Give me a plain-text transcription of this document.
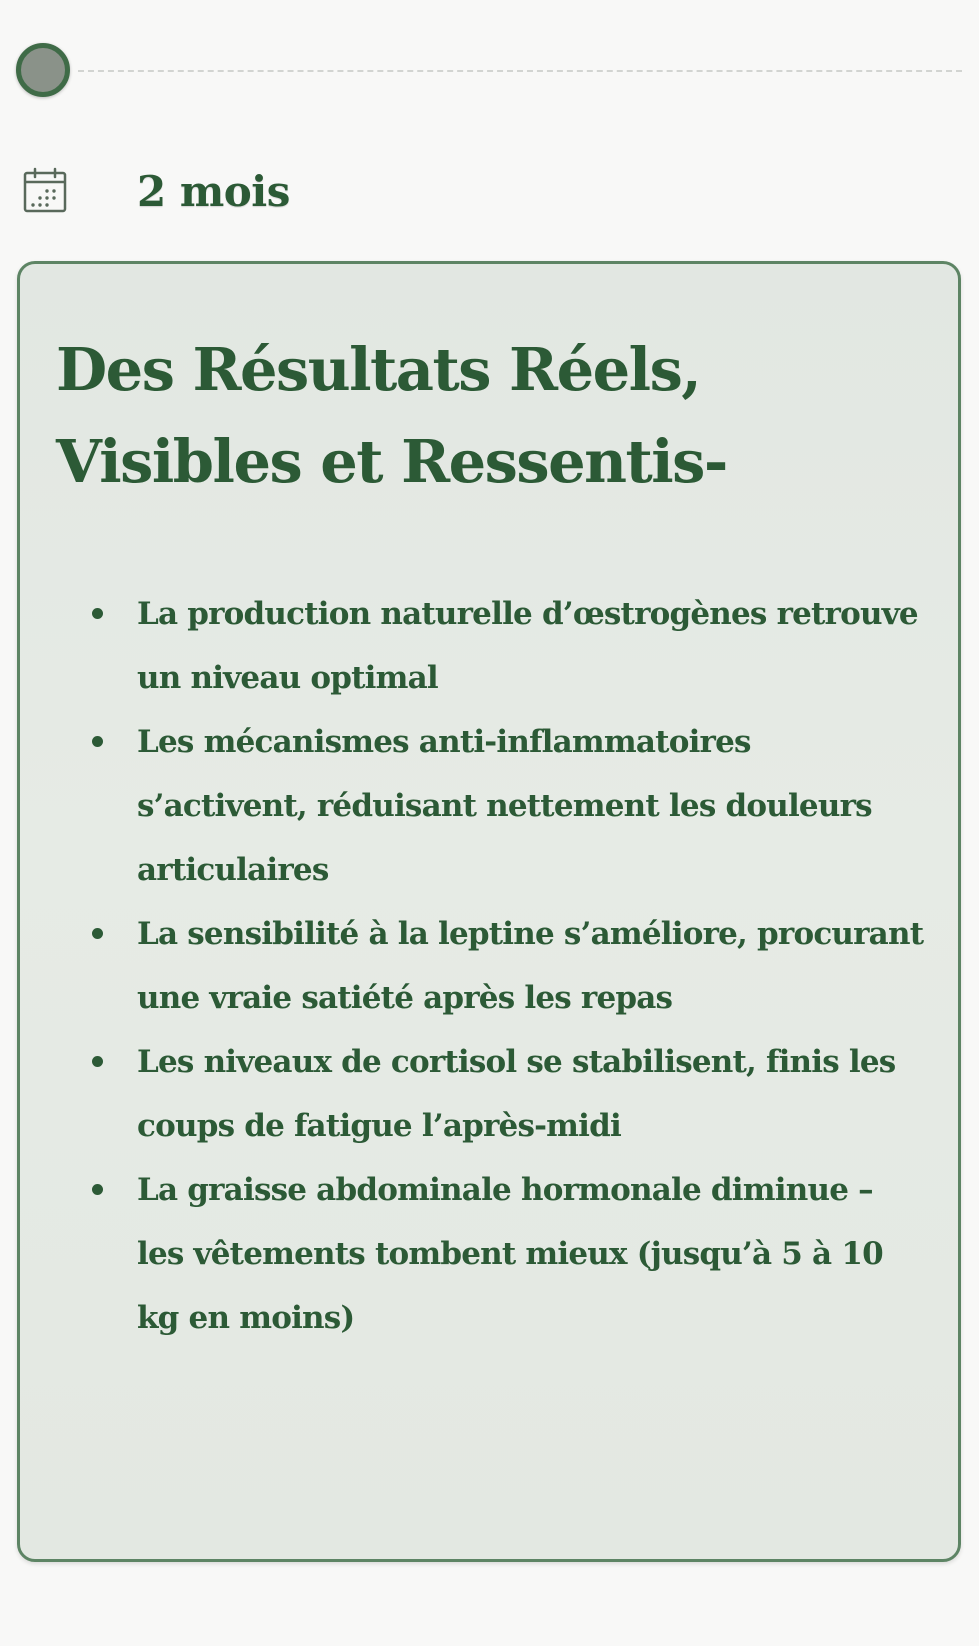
2 mois
Des Résultats Réels, Visibles et Ressentis-
La production naturelle d’œstrogènes retrouve un niveau optimal
Les mécanismes anti-inflammatoires s’activent, réduisant nettement les douleurs articulaires
La sensibilité à la leptine s’améliore, procurant une vraie satiété après les repas
Les niveaux de cortisol se stabilisent, finis les coups de fatigue l’après-midi
La graisse abdominale hormonale diminue – les vêtements tombent mieux (jusqu’à 5 à 10 kg en moins)
